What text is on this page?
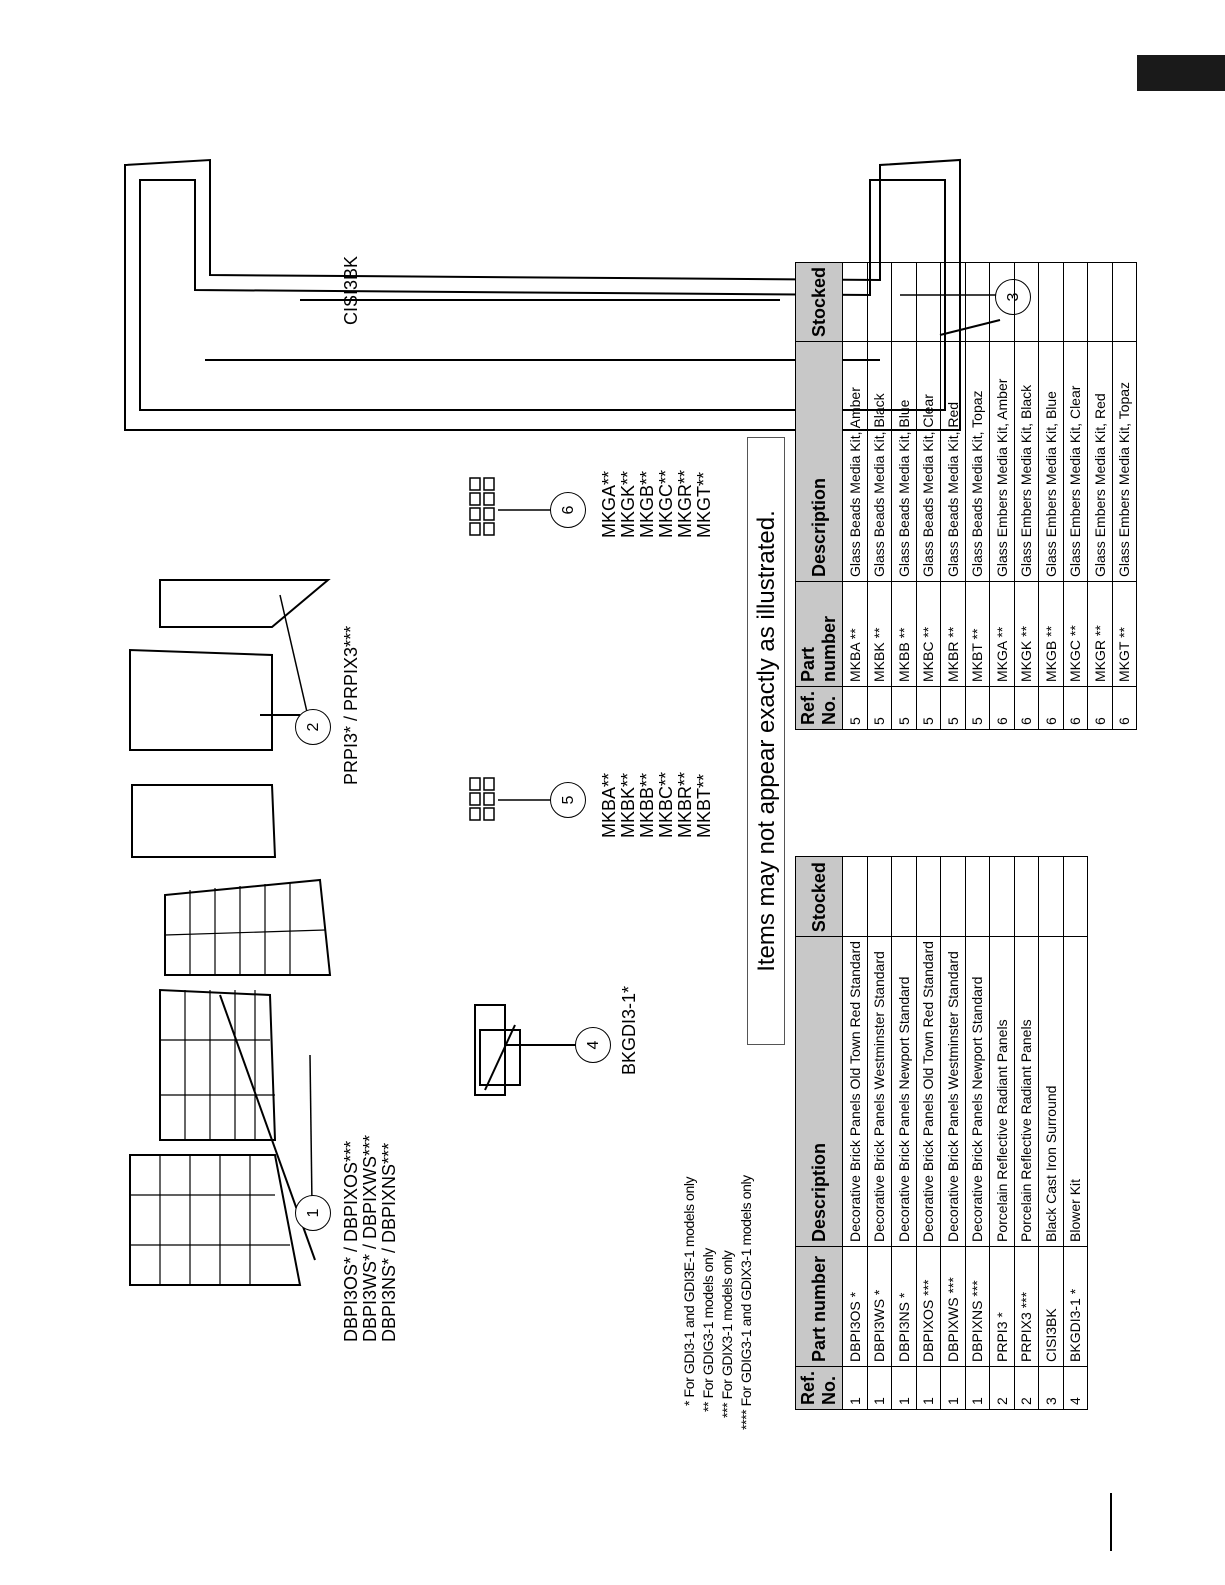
1
2
3
4
5
6
DBPI3OS* / DBPIXOS*** DBPI3WS* / DBPIXWS*** DBPI3NS* / DBPIXNS***
PRPI3* / PRPIX3***
CISI3BK
BKGDI3-1*
MKBA** MKBK** MKBB** MKBC** MKBR** MKBT**
MKGA** MKGK** MKGB** MKGC** MKGR** MKGT**
Items may not appear exactly as illustrated.
* For GDI3-1 and GDI3E-1 models only ** For GDIG3-1 models only *** For GDIX3-1 models only **** For GDIG3-1 and GDIX3-1 models only Ref. No.	Part number	Description	Stocked
1	DBPI3OS *	Decorative Brick Panels Old Town Red Standard	
1	DBPI3WS *	Decorative Brick Panels Westminster Standard	
1	DBPI3NS *	Decorative Brick Panels Newport Standard	
1	DBPIXOS ***	Decorative Brick Panels Old Town Red Standard	
1	DBPIXWS ***	Decorative Brick Panels Westminster Standard	
1	DBPIXNS ***	Decorative Brick Panels Newport Standard	
2	PRPI3 *	Porcelain Reflective Radiant Panels	
2	PRPIX3 ***	Porcelain Reflective Radiant Panels	
3	CISI3BK	Black Cast Iron Surround	
4	BKGDI3-1 *	Blower Kit	
Ref. No.	Part number	Description	Stocked
5	MKBA **	Glass Beads Media Kit, Amber	
5	MKBK **	Glass Beads Media Kit, Black	
5	MKBB **	Glass Beads Media Kit, Blue	
5	MKBC **	Glass Beads Media Kit, Clear	
5	MKBR **	Glass Beads Media Kit, Red	
5	MKBT **	Glass Beads Media Kit, Topaz	
6	MKGA **	Glass Embers Media Kit, Amber	
6	MKGK **	Glass Embers Media Kit, Black	
6	MKGB **	Glass Embers Media Kit, Blue	
6	MKGC **	Glass Embers Media Kit, Clear	
6	MKGR **	Glass Embers Media Kit, Red	
6	MKGT **	Glass Embers Media Kit, Topaz	
